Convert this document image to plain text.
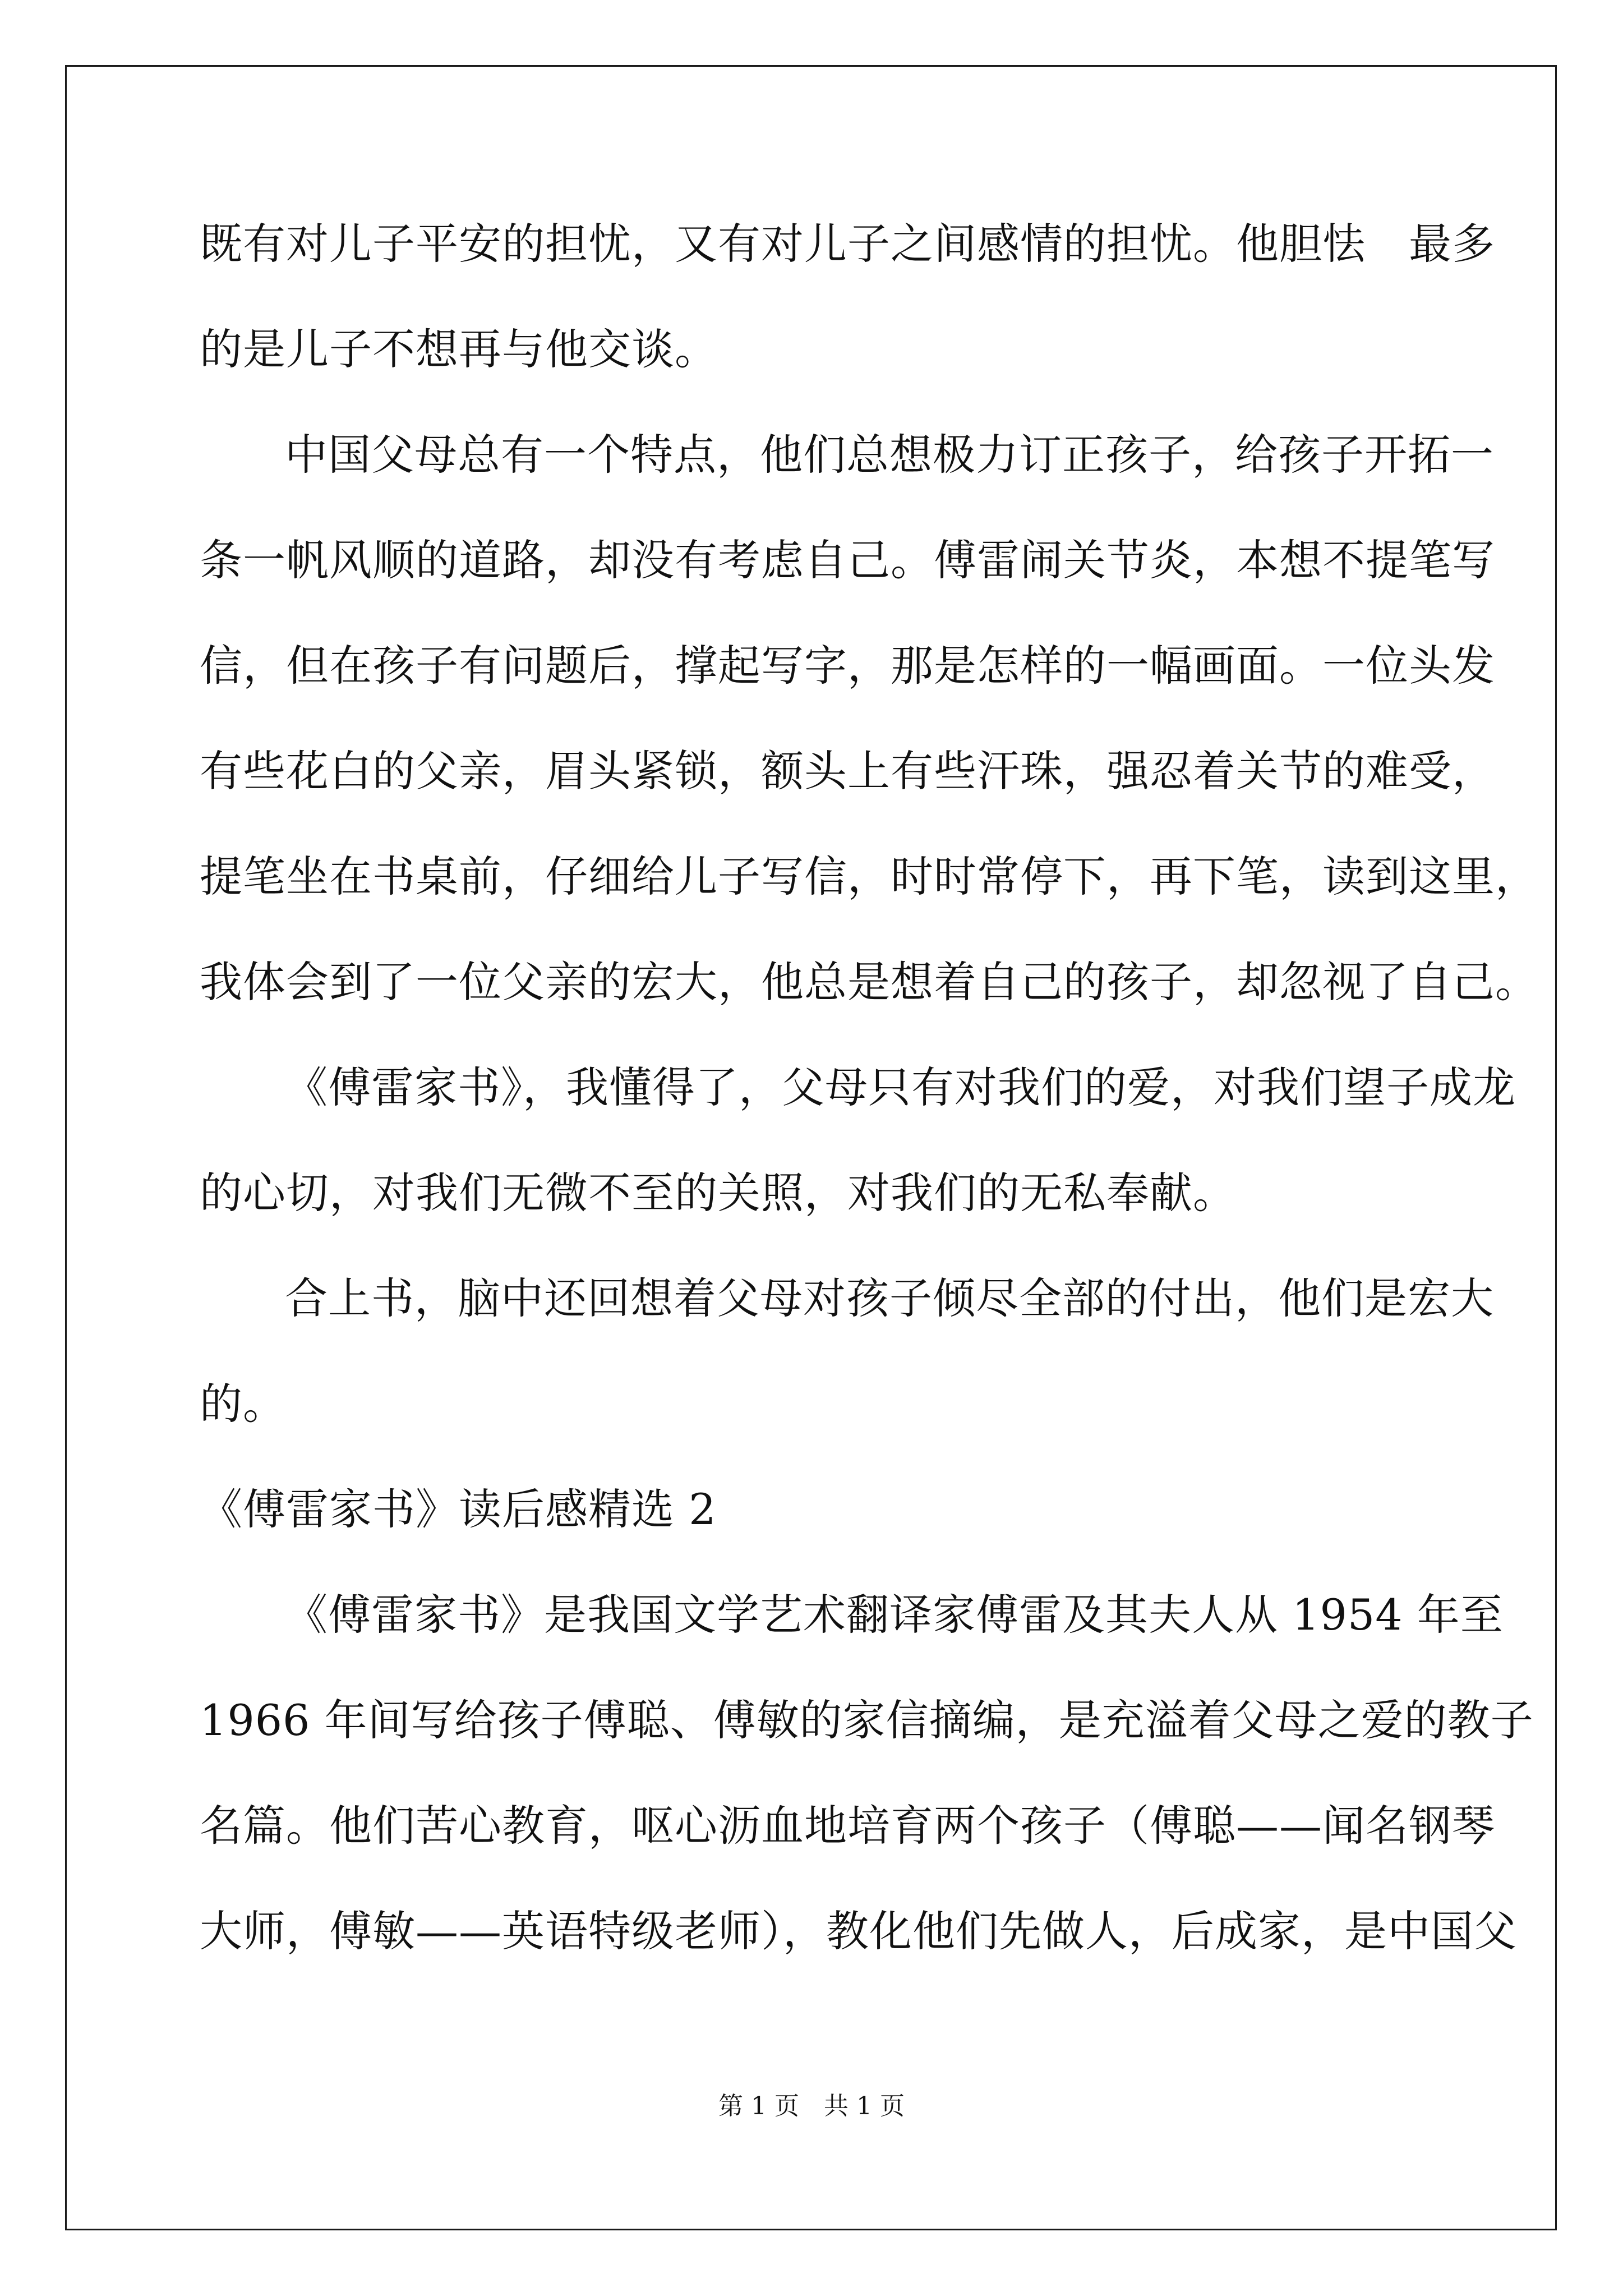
既有对儿子平安的担忧，又有对儿子之间感情的担忧。他胆怯　最多
的是儿子不想再与他交谈。
中国父母总有一个特点，他们总想极力订正孩子，给孩子开拓一
条一帆风顺的道路，却没有考虑自己。傅雷闹关节炎，本想不提笔写
信，但在孩子有问题后，撑起写字，那是怎样的一幅画面。一位头发
有些花白的父亲，眉头紧锁，额头上有些汗珠，强忍着关节的难受，
提笔坐在书桌前，仔细给儿子写信，时时常停下，再下笔，读到这里，
我体会到了一位父亲的宏大，他总是想着自己的孩子，却忽视了自己。
《傅雷家书》，我懂得了，父母只有对我们的爱，对我们望子成龙
的心切，对我们无微不至的关照，对我们的无私奉献。
合上书，脑中还回想着父母对孩子倾尽全部的付出，他们是宏大
的。
《傅雷家书》读后感精选 2
《傅雷家书》是我国文学艺术翻译家傅雷及其夫人从 1954 年至
1966 年间写给孩子傅聪、傅敏的家信摘编，是充溢着父母之爱的教子
名篇。他们苦心教育，呕心沥血地培育两个孩子（傅聪——闻名钢琴
大师，傅敏——英语特级老师），教化他们先做人，后成家，是中国父
第 1 页　共 1 页
